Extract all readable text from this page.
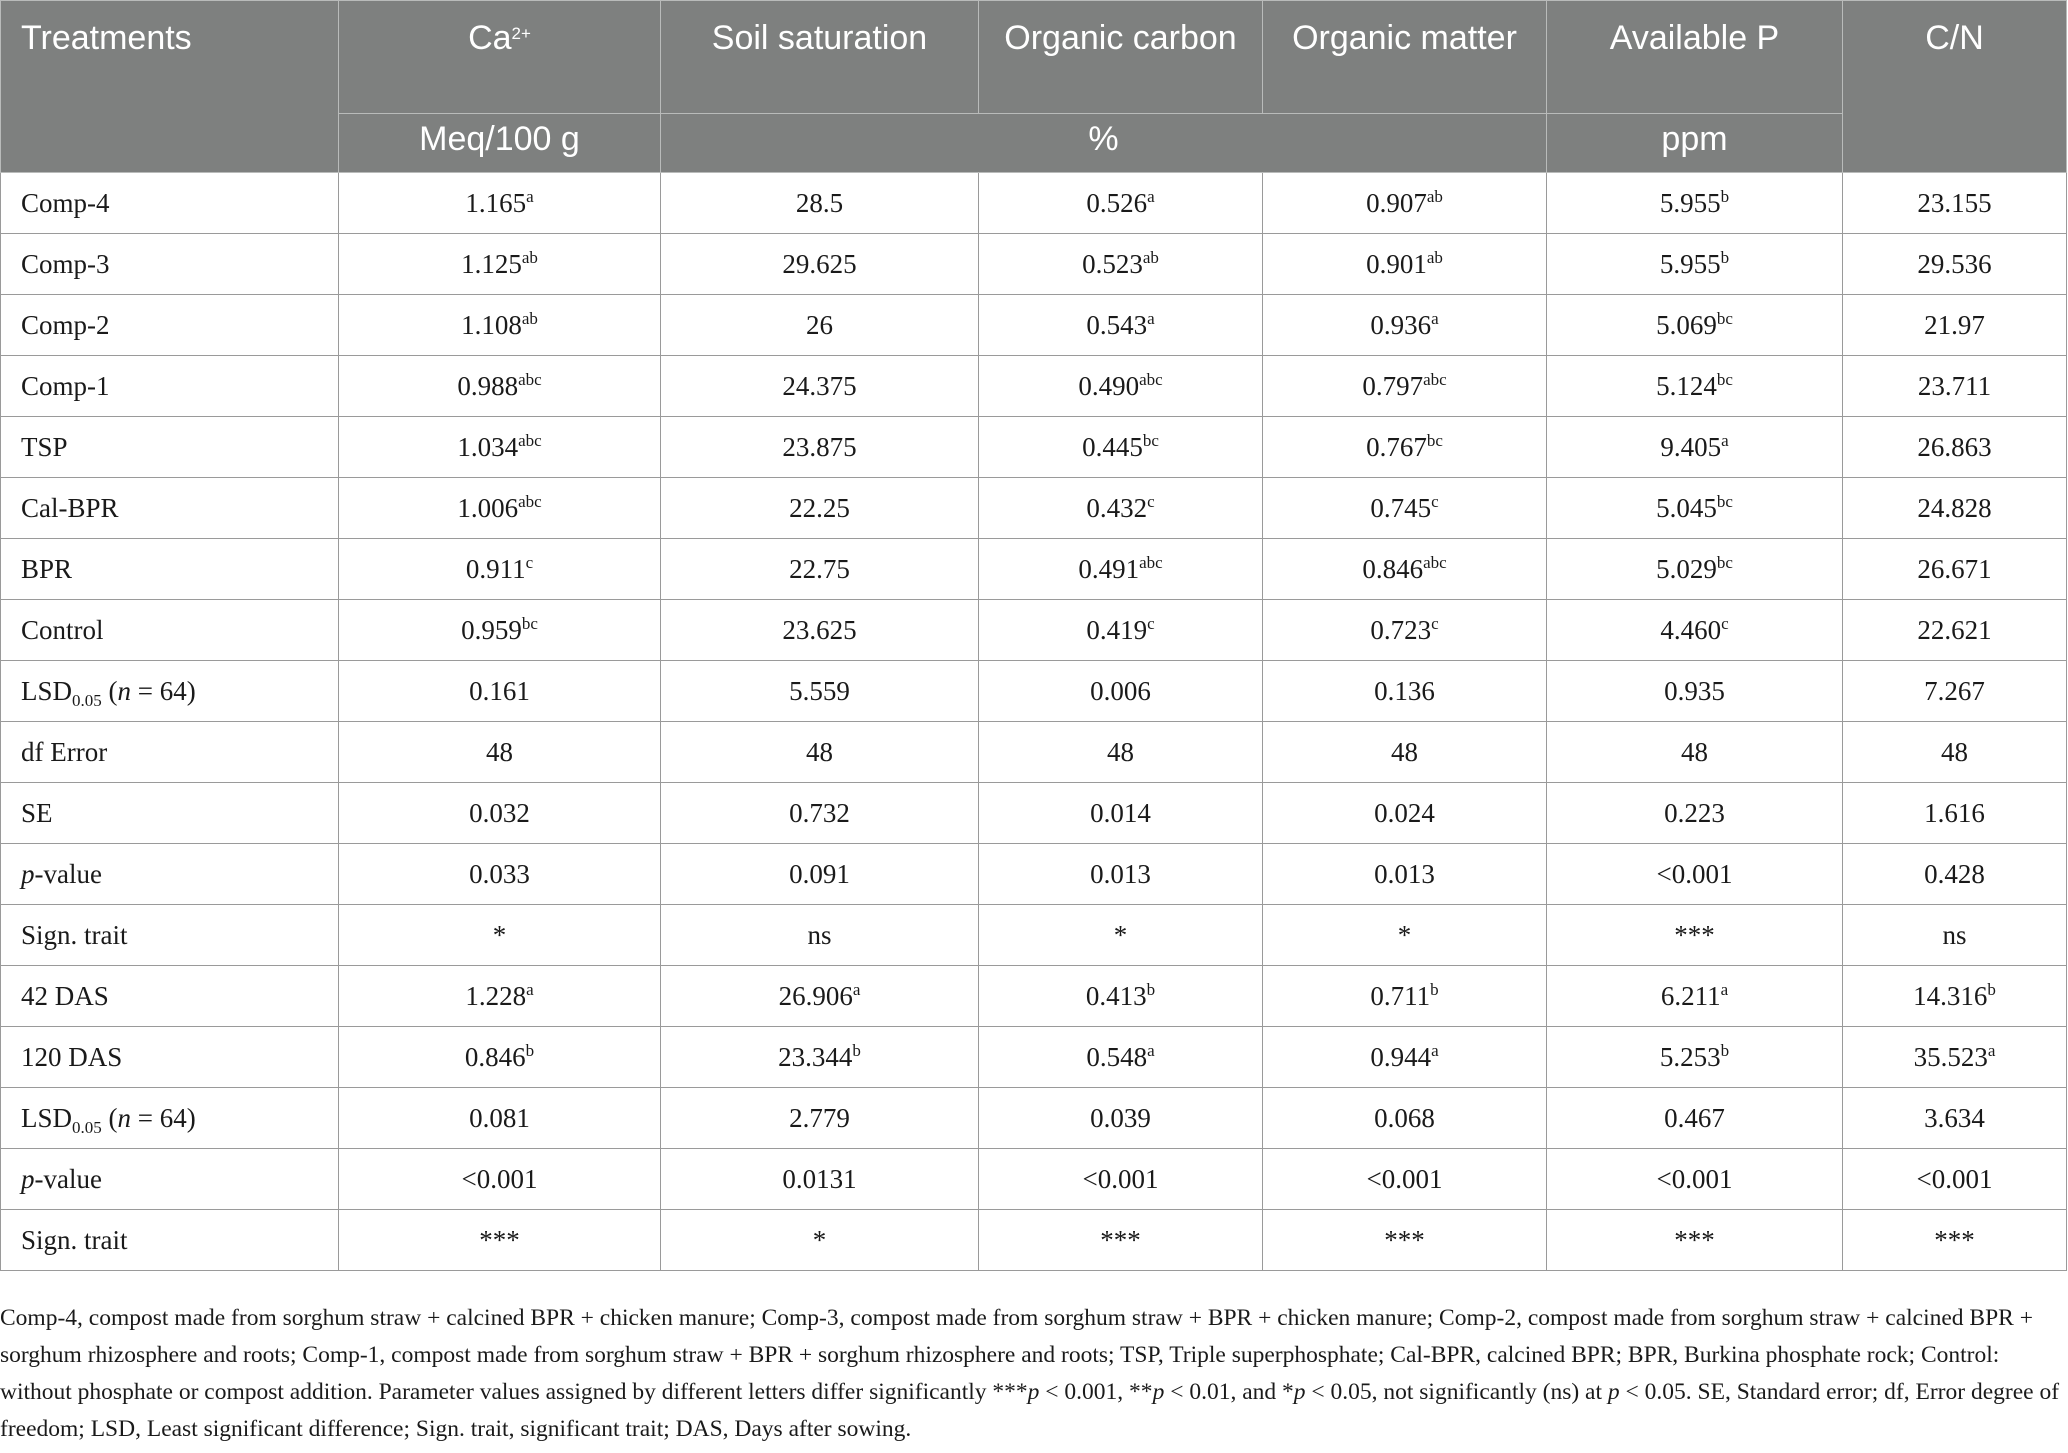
Treatments	$Ca^{2+}$	Soil saturation	Organic carbon	Organic matter	Available P	C/N
	Meq/100 g	%			ppm	
Comp-4	1.165$^a$	28.5	0.526$^a$	0.907$^{ab}$	5.955$^b$	23.155
Comp-3	1.125$^{ab}$	29.625	0.523$^{ab}$	0.901$^{ab}$	5.955$^b$	29.536
Comp-2	1.108$^{ab}$	26	0.543$^a$	0.936$^a$	5.069$^{bc}$	21.97
Comp-1	0.988$^{abc}$	24.375	0.490$^{abc}$	0.797$^{abc}$	5.124$^{bc}$	23.711
TSP	1.034$^{abc}$	23.875	0.445$^{bc}$	0.767$^{bc}$	9.405$^a$	26.863
Cal-BPR	1.006$^{abc}$	22.25	0.432$^c$	0.745$^c$	5.045$^{bc}$	24.828
BPR	0.911$^c$	22.75	0.491$^{abc}$	0.846$^{abc}$	5.029$^{bc}$	26.671
Control	0.959$^{bc}$	23.625	0.419$^c$	0.723$^c$	4.460$^c$	22.621
$LSD_{0.05}$ (n = 64)	0.161	5.559	0.006	0.136	0.935	7.267
df Error	48	48	48	48	48	48
SE	0.032	0.732	0.014	0.024	0.223	1.616
p-value	0.033	0.091	0.013	0.013	<0.001	0.428
Sign. trait	*	ns	*	*	***	ns
42 DAS	1.228$^a$	26.906$^a$	0.413$^b$	0.711$^b$	6.211$^a$	14.316$^b$
120 DAS	0.846$^b$	23.344$^b$	0.548$^a$	0.944$^a$	5.253$^b$	35.523$^a$
$LSD_{0.05}$ (n = 64)	0.081	2.779	0.039	0.068	0.467	3.634
p-value	<0.001	0.0131	<0.001	<0.001	<0.001	<0.001
Sign. trait	***	*	***	***	***	***

Comp-4, compost made from sorghum straw + calcined BPR + chicken manure; Comp-3, compost made from sorghum straw + BPR + chicken manure; Comp-2, compost made from sorghum straw + calcined BPR + sorghum rhizosphere and roots; Comp-1, compost made from sorghum straw + BPR + sorghum rhizosphere and roots; TSP, Triple superphosphate; Cal-BPR, calcined BPR; BPR, Burkina phosphate rock; Control: without phosphate or compost addition. Parameter values assigned by different letters differ significantly ***p < 0.001, **p < 0.01, and *p < 0.05, not significantly (ns) at p < 0.05. SE, Standard error; df, Error degree of freedom; LSD, Least significant difference; Sign. trait, significant trait; DAS, Days after sowing.
